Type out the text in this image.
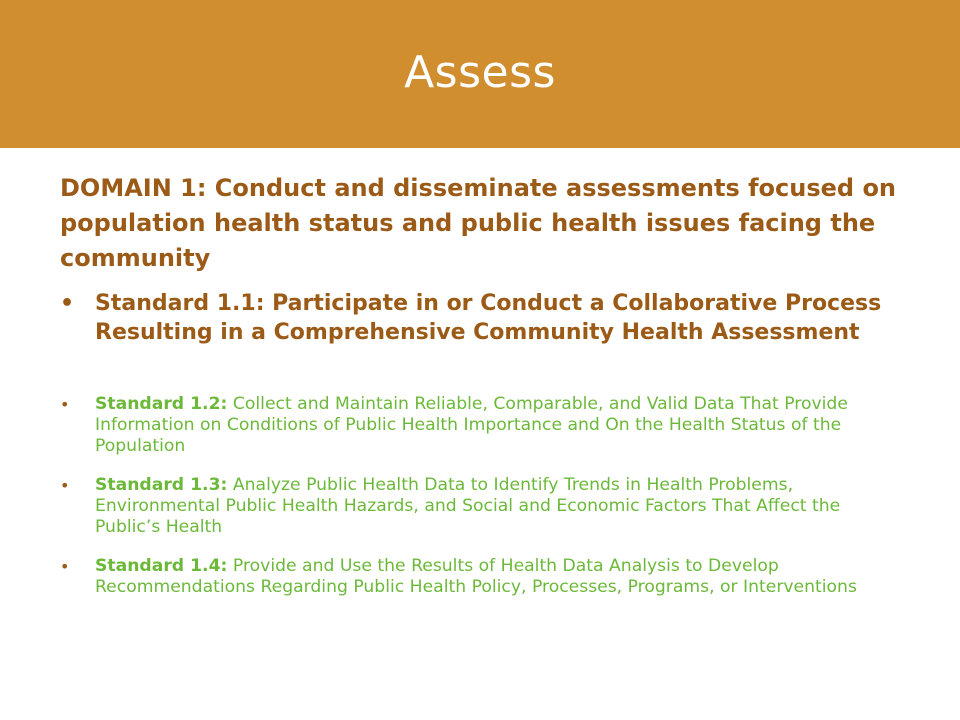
Assess

DOMAIN 1: Conduct and disseminate assessments focused on population health status and public health issues facing the community

• Standard 1.1: Participate in or Conduct a Collaborative Process Resulting in a Comprehensive Community Health Assessment
• Standard 1.2: Collect and Maintain Reliable, Comparable, and Valid Data That Provide Information on Conditions of Public Health Importance and On the Health Status of the Population
• Standard 1.3: Analyze Public Health Data to Identify Trends in Health Problems, Environmental Public Health Hazards, and Social and Economic Factors That Affect the Public’s Health
• Standard 1.4: Provide and Use the Results of Health Data Analysis to Develop Recommendations Regarding Public Health Policy, Processes, Programs, or Interventions
